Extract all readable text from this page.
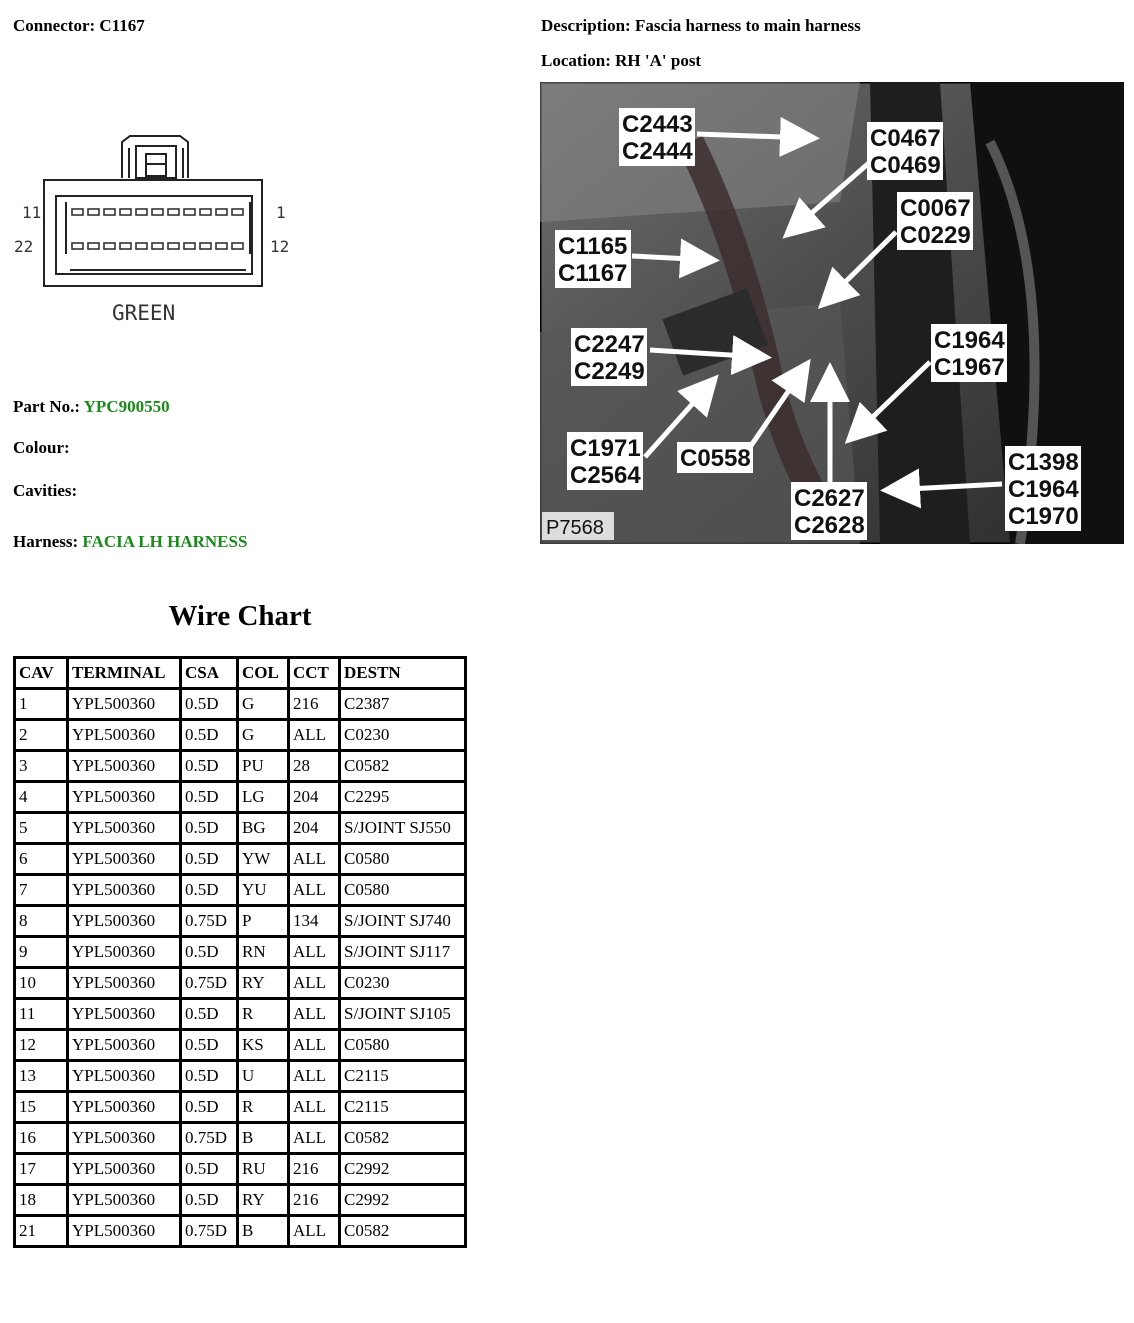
Connector: C1167	Description: Fascia harness to main harness
Location: RH 'A' post
11
22
1
12
GREEN
Part No.: YPC900550
Colour:
Cavities:
Harness: FACIA LH HARNESS
C2443
C2444	C0467
C0469
C0067
C0229
C1165
C1167
C2247
C2249
C1964
C1967
C1971
C2564
C0558	C1398
C1964
C1970
C2627
C2628
P7568
Wire Chart
CAV	TERMINAL	CSA	COL	CCT	DESTN
1	YPL500360	0.5D	G	216	C2387
2	YPL500360	0.5D	G	ALL	C0230
3	YPL500360	0.5D	PU	28	C0582
4	YPL500360	0.5D	LG	204	C2295
5	YPL500360	0.5D	BG	204	S/JOINT SJ550
6	YPL500360	0.5D	YW	ALL	C0580
7	YPL500360	0.5D	YU	ALL	C0580
8	YPL500360	0.75D	P	134	S/JOINT SJ740
9	YPL500360	0.5D	RN	ALL	S/JOINT SJ117
10	YPL500360	0.75D	RY	ALL	C0230
11	YPL500360	0.5D	R	ALL	S/JOINT SJ105
12	YPL500360	0.5D	KS	ALL	C0580
13	YPL500360	0.5D	U	ALL	C2115
15	YPL500360	0.5D	R	ALL	C2115
16	YPL500360	0.75D	B	ALL	C0582
17	YPL500360	0.5D	RU	216	C2992
18	YPL500360	0.5D	RY	216	C2992
21	YPL500360	0.75D	B	ALL	C0582
